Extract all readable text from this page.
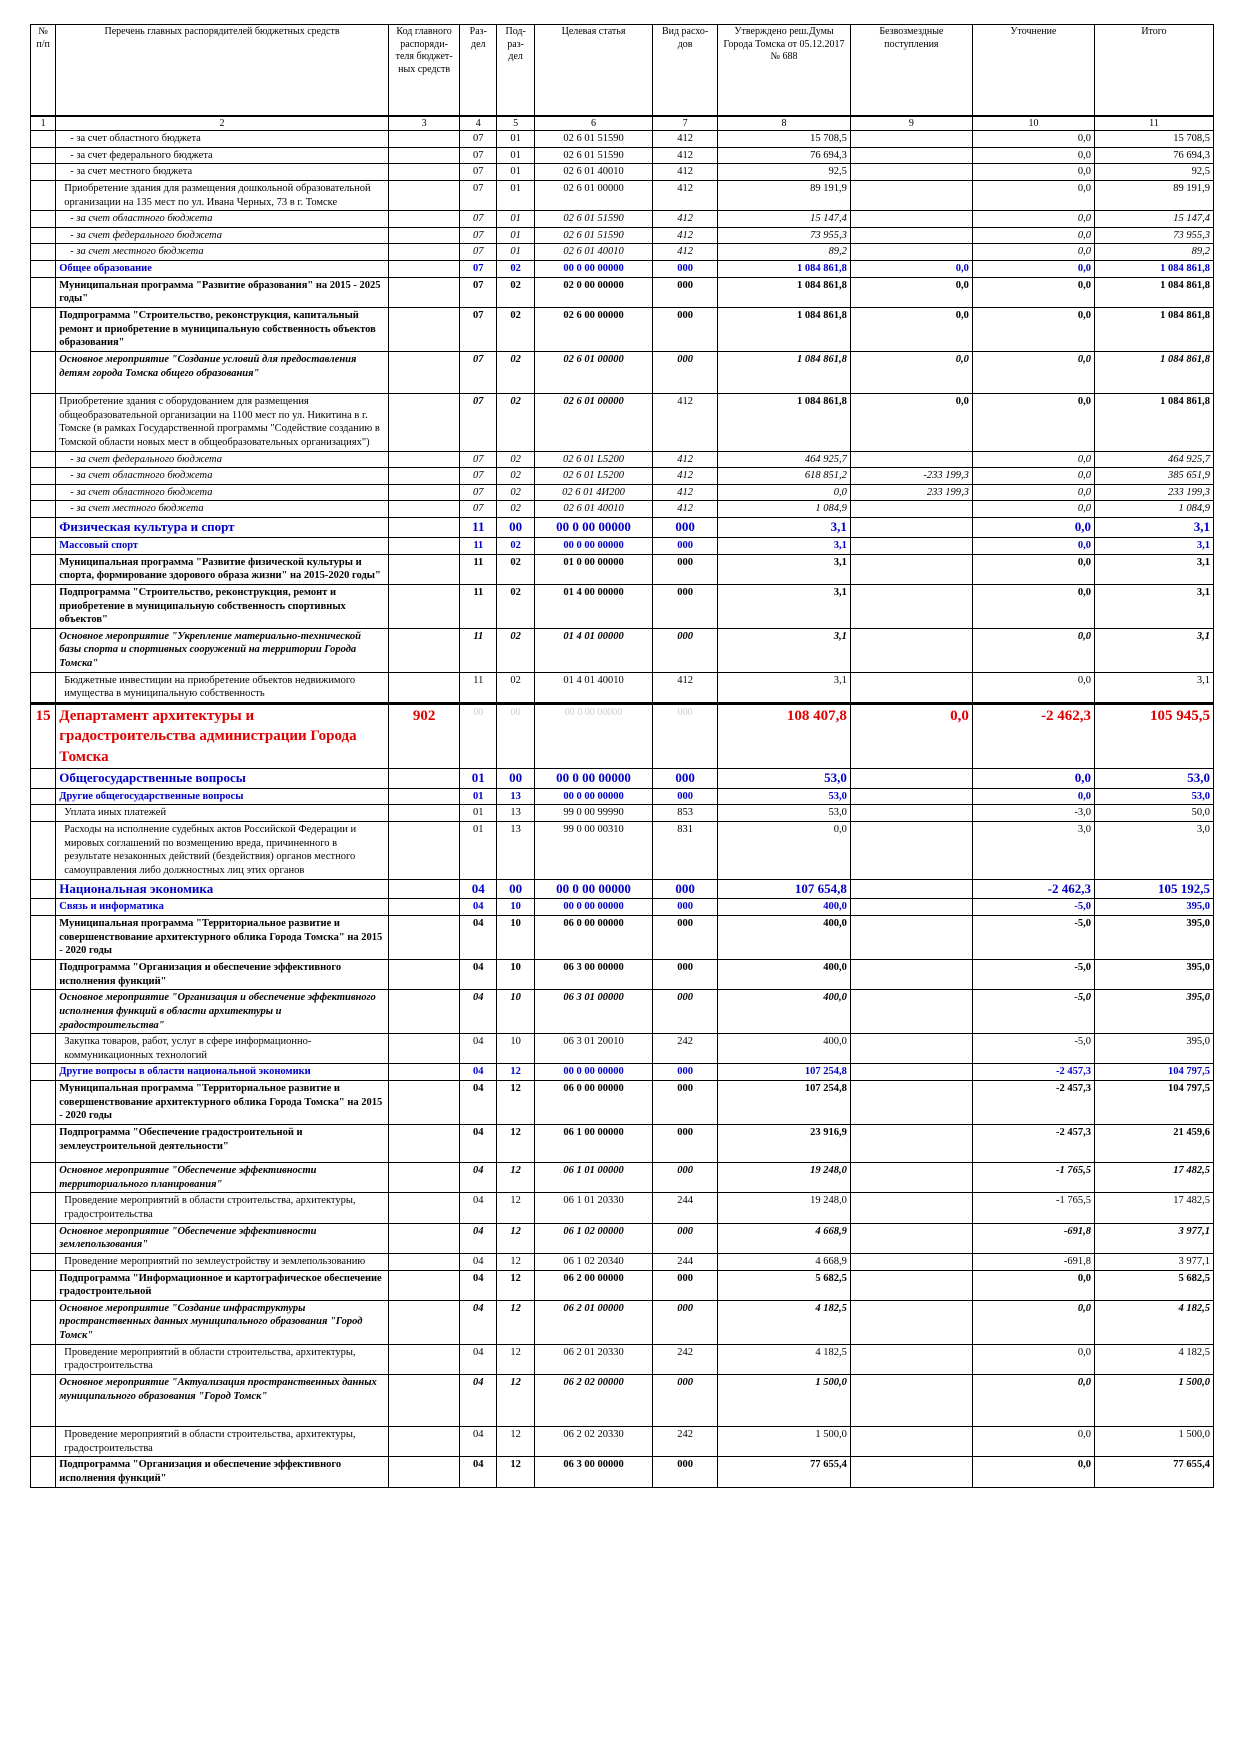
№ п/п	Перечень главных распорядителей бюджетных средств	Код главного распоряди-теля бюджет-ных средств	Раз-дел	Под-раз-дел	Целевая статья	Вид расхо-дов	Утверждено реш.Думы Города Томска от 05.12.2017 № 688	Безвозмездные поступления	Уточнение	Итого
1	2	3	4	5	6	7	8	9	10	11
	- за счет областного бюджета		07	01	02 6 01 51590	412	15 708,5		0,0	15 708,5
	- за счет федерального бюджета		07	01	02 6 01 51590	412	76 694,3		0,0	76 694,3
	- за счет местного бюджета		07	01	02 6 01 40010	412	92,5		0,0	92,5
	Приобретение здания для размещения дошкольной образовательной организации на 135 мест по ул. Ивана Черных, 73 в г. Томске		07	01	02 6 01 00000	412	89 191,9		0,0	89 191,9
	- за счет областного бюджета		07	01	02 6 01 51590	412	15 147,4		0,0	15 147,4
	- за счет федерального бюджета		07	01	02 6 01 51590	412	73 955,3		0,0	73 955,3
	- за счет местного бюджета		07	01	02 6 01 40010	412	89,2		0,0	89,2
	Общее образование		07	02	00 0 00 00000	000	1 084 861,8	0,0	0,0	1 084 861,8
	Муниципальная программа "Развитие образования" на 2015 - 2025 годы"		07	02	02 0 00 00000	000	1 084 861,8	0,0	0,0	1 084 861,8
	Подпрограмма "Строительство, реконструкция, капитальный ремонт и приобретение в муниципальную собственность объектов образования"		07	02	02 6 00 00000	000	1 084 861,8	0,0	0,0	1 084 861,8
	Основное мероприятие "Создание условий для предоставления детям города Томска общего образования"		07	02	02 6 01 00000	000	1 084 861,8	0,0	0,0	1 084 861,8
	Приобретение здания с оборудованием для размещения общеобразовательной организации на 1100 мест по ул. Никитина в г. Томске (в рамках Государственной программы "Содействие созданию в Томской области новых мест в общеобразовательных организациях")		07	02	02 6 01 00000	412	1 084 861,8	0,0	0,0	1 084 861,8
	- за счет федерального бюджета		07	02	02 6 01 L5200	412	464 925,7		0,0	464 925,7
	- за счет областного бюджета		07	02	02 6 01 L5200	412	618 851,2	-233 199,3	0,0	385 651,9
	- за счет областного бюджета		07	02	02 6 01 4И200	412	0,0	233 199,3	0,0	233 199,3
	- за счет местного бюджета		07	02	02 6 01 40010	412	1 084,9		0,0	1 084,9
	Физическая культура и спорт		11	00	00 0 00 00000	000	3,1		0,0	3,1
	Массовый спорт		11	02	00 0 00 00000	000	3,1		0,0	3,1
	Муниципальная программа "Развитие физической культуры и спорта, формирование здорового образа жизни" на 2015-2020 годы"		11	02	01 0 00 00000	000	3,1		0,0	3,1
	Подпрограмма "Строительство, реконструкция, ремонт и приобретение в муниципальную собственность спортивных объектов"		11	02	01 4 00 00000	000	3,1		0,0	3,1
	Основное мероприятие "Укрепление материально-технической базы спорта и спортивных сооружений на территории Города Томска"		11	02	01 4 01 00000	000	3,1		0,0	3,1
	Бюджетные инвестиции на приобретение объектов недвижимого имущества в муниципальную собственность		11	02	01 4 01 40010	412	3,1		0,0	3,1
15	Департамент архитектуры и градостроительства администрации Города Томска	902	00	00	00 0 00 00000	000	108 407,8	0,0	-2 462,3	105 945,5
	Общегосударственные вопросы		01	00	00 0 00 00000	000	53,0		0,0	53,0
	Другие общегосударственные вопросы		01	13	00 0 00 00000	000	53,0		0,0	53,0
	Уплата иных платежей		01	13	99 0 00 99990	853	53,0		-3,0	50,0
	Расходы на исполнение судебных актов Российской Федерации и мировых соглашений по возмещению вреда, причиненного в результате незаконных действий (бездействия) органов местного самоуправления либо должностных лиц этих органов		01	13	99 0 00 00310	831	0,0		3,0	3,0
	Национальная экономика		04	00	00 0 00 00000	000	107 654,8		-2 462,3	105 192,5
	Связь и информатика		04	10	00 0 00 00000	000	400,0		-5,0	395,0
	Муниципальная программа "Территориальное развитие и совершенствование архитектурного облика Города Томска" на 2015 - 2020 годы		04	10	06 0 00 00000	000	400,0		-5,0	395,0
	Подпрограмма "Организация и обеспечение эффективного исполнения функций"		04	10	06 3 00 00000	000	400,0		-5,0	395,0
	Основное мероприятие "Организация и обеспечение эффективного исполнения функций в области архитектуры и градостроительства"		04	10	06 3 01 00000	000	400,0		-5,0	395,0
	Закупка товаров, работ, услуг в сфере информационно-коммуникационных технологий		04	10	06 3 01 20010	242	400,0		-5,0	395,0
	Другие вопросы в области национальной экономики		04	12	00 0 00 00000	000	107 254,8		-2 457,3	104 797,5
	Муниципальная программа "Территориальное развитие и совершенствование архитектурного облика Города Томска" на 2015 - 2020 годы		04	12	06 0 00 00000	000	107 254,8		-2 457,3	104 797,5
	Подпрограмма "Обеспечение градостроительной и землеустроительной деятельности"		04	12	06 1 00 00000	000	23 916,9		-2 457,3	21 459,6
	Основное мероприятие "Обеспечение эффективности территориального планирования"		04	12	06 1 01 00000	000	19 248,0		-1 765,5	17 482,5
	Проведение мероприятий в области строительства, архитектуры, градостроительства		04	12	06 1 01 20330	244	19 248,0		-1 765,5	17 482,5
	Основное мероприятие "Обеспечение эффективности землепользования"		04	12	06 1 02 00000	000	4 668,9		-691,8	3 977,1
	Проведение мероприятий по землеустройству и землепользованию		04	12	06 1 02 20340	244	4 668,9		-691,8	3 977,1
	Подпрограмма "Информационное и картографическое обеспечение градостроительной		04	12	06 2 00 00000	000	5 682,5		0,0	5 682,5
	Основное мероприятие "Создание инфраструктуры пространственных данных муниципального образования "Город Томск"		04	12	06 2 01 00000	000	4 182,5		0,0	4 182,5
	Проведение мероприятий в области строительства, архитектуры, градостроительства		04	12	06 2 01 20330	242	4 182,5		0,0	4 182,5
	Основное мероприятие "Актуализация пространственных данных муниципального образования "Город Томск"		04	12	06 2 02 00000	000	1 500,0		0,0	1 500,0
	Проведение мероприятий в области строительства, архитектуры, градостроительства		04	12	06 2 02 20330	242	1 500,0		0,0	1 500,0
	Подпрограмма "Организация и обеспечение эффективного исполнения функций"		04	12	06 3 00 00000	000	77 655,4		0,0	77 655,4
